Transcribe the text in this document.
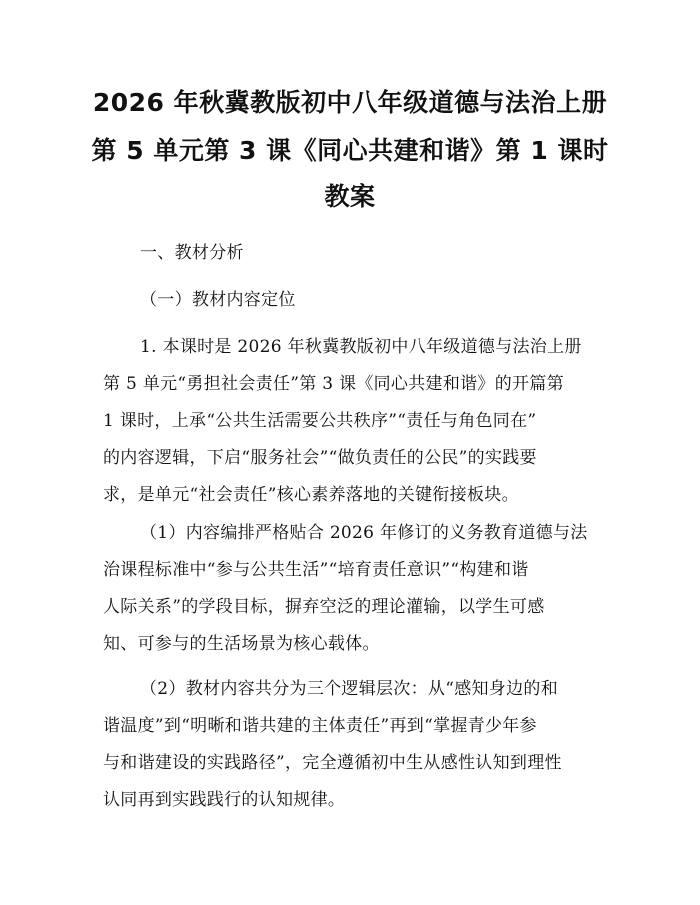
2026 年秋冀教版初中八年级道德与法治上册
第 5 单元第 3 课《同心共建和谐》第 1 课时
教案
一、教材分析
（一）教材内容定位
1. 本课时是 2026 年秋冀教版初中八年级道德与法治上册
第 5 单元“勇担社会责任”第 3 课《同心共建和谐》的开篇第
1 课时，上承“公共生活需要公共秩序”“责任与角色同在”
的内容逻辑，下启“服务社会”“做负责任的公民”的实践要
求，是单元“社会责任”核心素养落地的关键衔接板块。
（1）内容编排严格贴合 2026 年修订的义务教育道德与法
治课程标准中“参与公共生活”“培育责任意识”“构建和谐
人际关系”的学段目标，摒弃空泛的理论灌输，以学生可感
知、可参与的生活场景为核心载体。
（2）教材内容共分为三个逻辑层次：从“感知身边的和
谐温度”到“明晰和谐共建的主体责任”再到“掌握青少年参
与和谐建设的实践路径”，完全遵循初中生从感性认知到理性
认同再到实践践行的认知规律。
